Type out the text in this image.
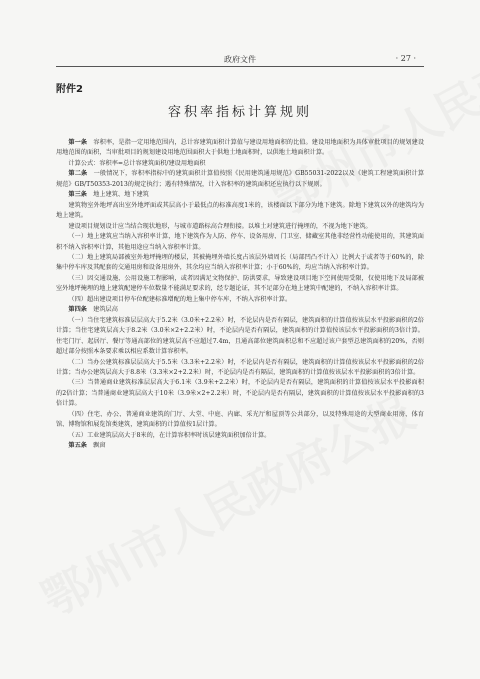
政府文件	· 27 ·
附件2
容积率指标计算规则

第一条　 容积率，是指一定用地范围内，总计容建筑面积计算值与建设用地面积的比值。建设用地面积为具体审批项目的规划建设用地范围的面积，当审批项目的规划建设用地范围面积大于供地土地面积时，以供地土地面积计算。

计算公式：容积率=总计容建筑面积/建设用地面积

第二条　 一般情况下，容积率指标中的建筑面积计算值按照《民用建筑通用规范》GB55031-2022以及《建筑工程建筑面积计算规范》GB/T50353-2013的规定执行；遇有特殊情况，计入容积率的建筑面积还应执行以下规则。

第三条　 地上建筑、地下建筑

建筑物室外地坪高出室外地坪面或其层高小于最低点的标准高度1米的，该楼面以下部分为地下建筑。除地下建筑以外的建筑均为地上建筑。

建设项目规划设计应当结合现状地形，与城市道路标高合理衔接。以堆土对建筑进行掩埋的，不视为地下建筑。

（一）地上建筑应当纳入容积率计算，地下建筑作为人防、停车、设备用房、门卫室、储藏室其他非经营性功能使用的，其建筑面积不纳入容积率计算，其他用途应当纳入容积率计算。

（二）地上建筑局部被室外地坪掩埋的楼层，其被掩埋外墙长度占该层外墙周长（局部凹凸不计入）比例大于或者等于60%的，除集中停车库及其配套的交通用房和设备用房外，其余均应当纳入容积率计算；小于60%的，均应当纳入容积率计算。

（三）因交通设施、公用设施工程影响，或者因满足文物保护、防洪要求，导致建设项目地下空间使用受限，仅使用地下及局部被室外地坪掩埋的地上建筑配建停车位数量不能满足要求的，经专题论证，其不足部分在地上建筑中配建的，不纳入容积率计算。

（四）超出建设项目停车位配建标准增配的地上集中停车库，不纳入容积率计算。

第四条　 建筑层高

（一）当住宅建筑标准层层高大于5.2米（3.0米+2.2米）时，不论层内是否有隔层，建筑面积的计算值按该层水平投影面积的2倍计算；当住宅建筑层高大于8.2米（3.0米×2+2.2米）时，不论层内是否有隔层，建筑面积的计算值按该层水平投影面积的3倍计算。住宅门厅、起居厅、餐厅等通高部位的建筑层高不应超过7.4m，且通高部位建筑面积总和不应超过该户套型总建筑面积的20%，否则超过部分按照本条要求乘以相应系数计算容积率。

（二）当办公建筑标准层层高大于5.5米（3.3米+2.2米）时，不论层内是否有隔层，建筑面积的计算值按该层水平投影面积的2倍计算；当办公建筑层高大于8.8米（3.3米×2+2.2米）时，不论层内是否有隔层，建筑面积的计算值按该层水平投影面积的3倍计算。

（三）当普通商业建筑标准层层高大于6.1米（3.9米+2.2米）时，不论层内是否有隔层，建筑面积的计算值按该层水平投影面积的2倍计算；当普通商业建筑层高大于10米（3.9米×2+2.2米）时，不论层内是否有隔层，建筑面积的计算值按该层水平投影面积的3倍计算。

（四）住宅、办公、普通商业建筑的门厅、大堂、中庭、内廊、采光厅和屋顶等公共部分，以及特殊用途的大型商业用房、体育馆、博物馆和展览馆类建筑，建筑面积的计算值按1层计算。

（五）工业建筑层高大于8米的，在计算容积率时该层建筑面积加倍计算。

第五条　 飘窗
